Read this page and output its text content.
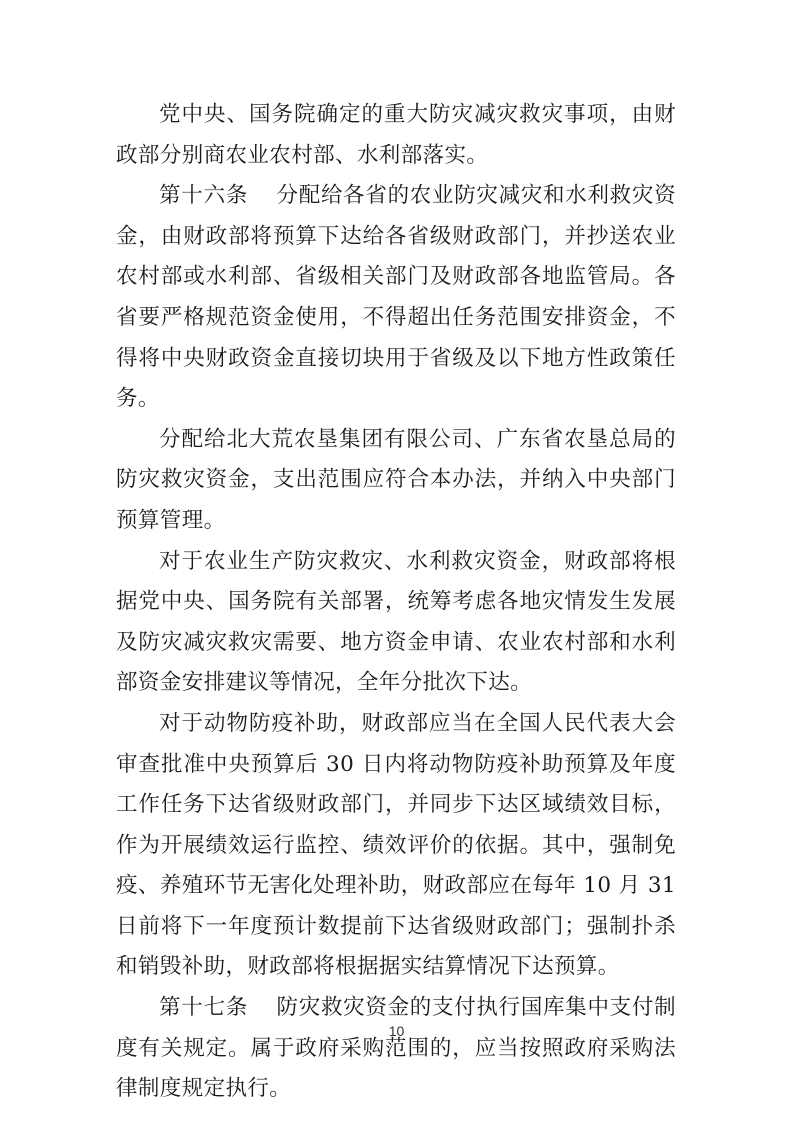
党中央、国务院确定的重大防灾减灾救灾事项，由财政部分别商农业农村部、水利部落实。

第十六条 分配给各省的农业防灾减灾和水利救灾资金，由财政部将预算下达给各省级财政部门，并抄送农业农村部或水利部、省级相关部门及财政部各地监管局。各省要严格规范资金使用，不得超出任务范围安排资金，不得将中央财政资金直接切块用于省级及以下地方性政策任务。

分配给北大荒农垦集团有限公司、广东省农垦总局的防灾救灾资金，支出范围应符合本办法，并纳入中央部门预算管理。

对于农业生产防灾救灾、水利救灾资金，财政部将根据党中央、国务院有关部署，统筹考虑各地灾情发生发展及防灾减灾救灾需要、地方资金申请、农业农村部和水利部资金安排建议等情况，全年分批次下达。

对于动物防疫补助，财政部应当在全国人民代表大会审查批准中央预算后 30 日内将动物防疫补助预算及年度工作任务下达省级财政部门，并同步下达区域绩效目标，作为开展绩效运行监控、绩效评价的依据。其中，强制免疫、养殖环节无害化处理补助，财政部应在每年 10 月 31 日前将下一年度预计数提前下达省级财政部门；强制扑杀和销毁补助，财政部将根据据实结算情况下达预算。

第十七条 防灾救灾资金的支付执行国库集中支付制度有关规定。属于政府采购范围的，应当按照政府采购法律制度规定执行。

10
